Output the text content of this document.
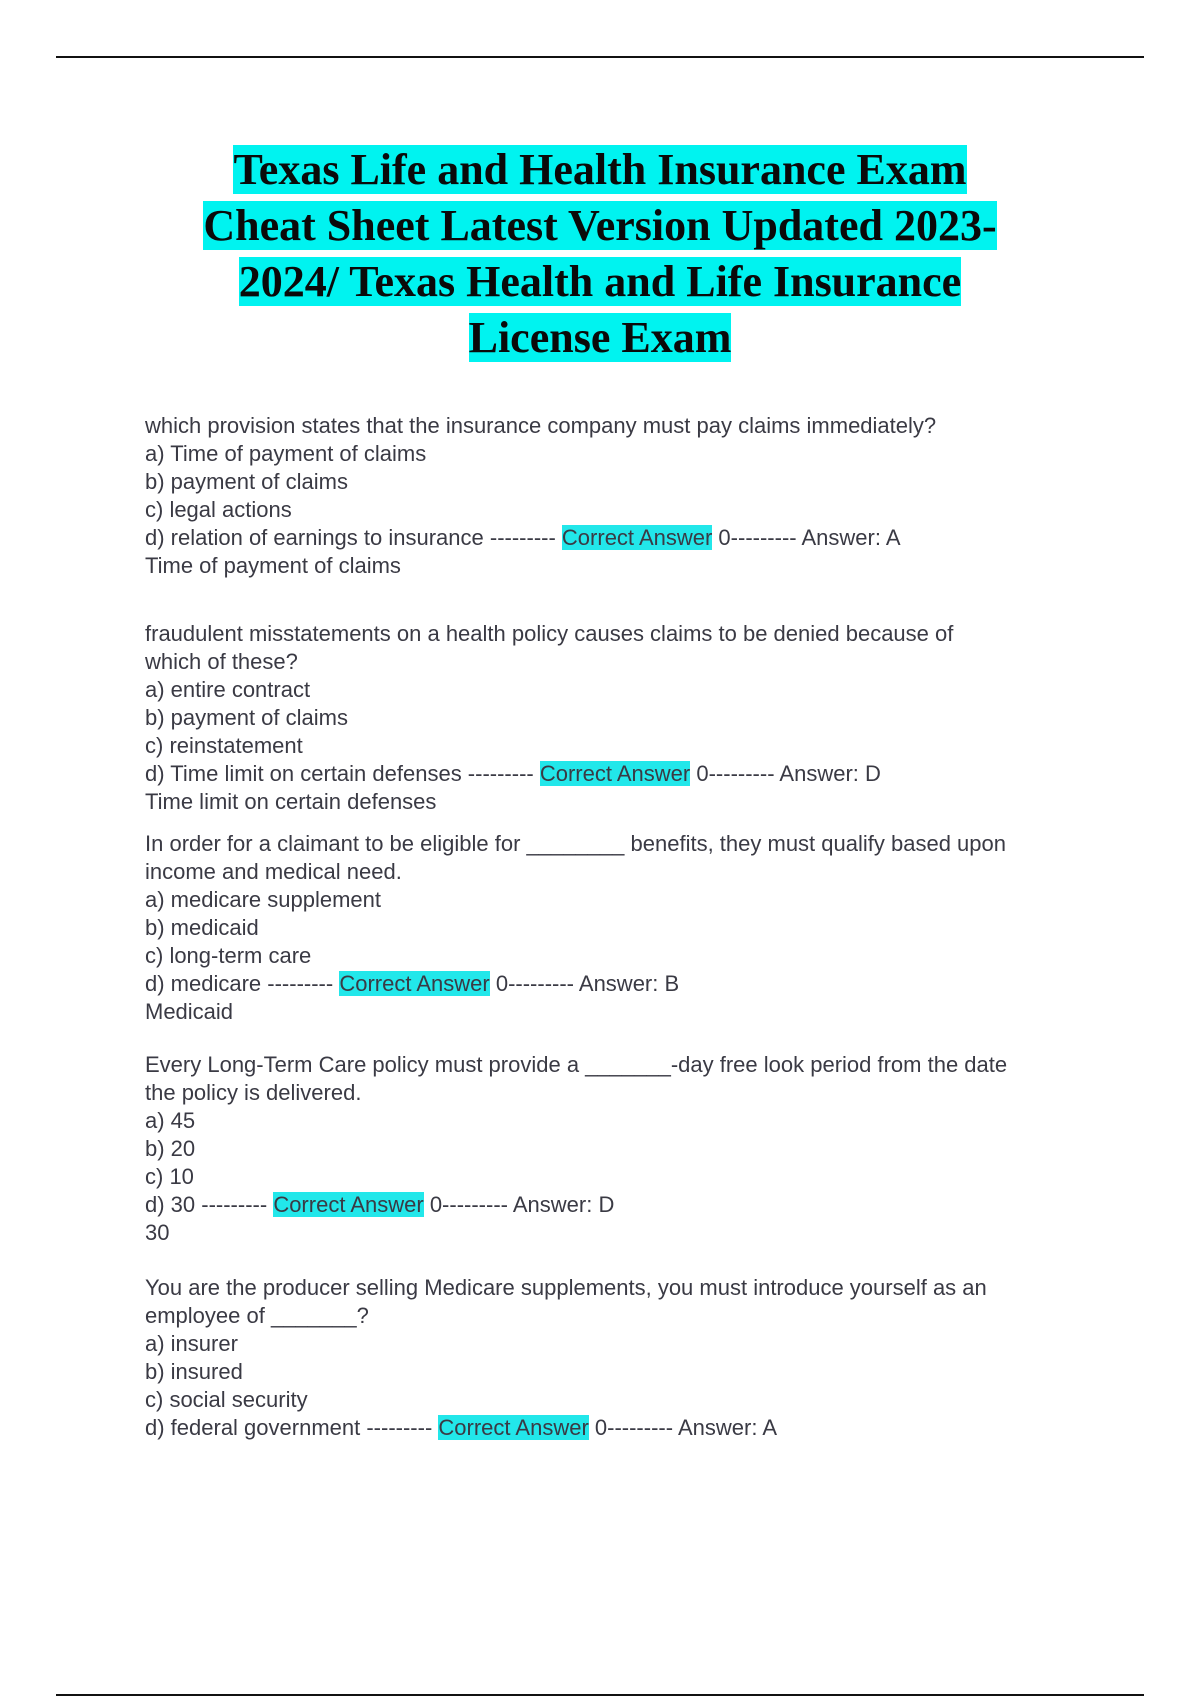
Texas Life and Health Insurance Exam
Cheat Sheet Latest Version Updated 2023-
2024/ Texas Health and Life Insurance
License Exam
which provision states that the insurance company must pay claims immediately?
a) Time of payment of claims
b) payment of claims
c) legal actions
d) relation of earnings to insurance --------- Correct Answer 0--------- Answer: A
Time of payment of claims
fraudulent misstatements on a health policy causes claims to be denied because of
which of these?
a) entire contract
b) payment of claims
c) reinstatement
d) Time limit on certain defenses --------- Correct Answer 0--------- Answer: D
Time limit on certain defenses
In order for a claimant to be eligible for ________ benefits, they must qualify based upon
income and medical need.
a) medicare supplement
b) medicaid
c) long-term care
d) medicare --------- Correct Answer 0--------- Answer: B
Medicaid
Every Long-Term Care policy must provide a _______-day free look period from the date
the policy is delivered.
a) 45
b) 20
c) 10
d) 30 --------- Correct Answer 0--------- Answer: D
30
You are the producer selling Medicare supplements, you must introduce yourself as an
employee of _______?
a) insurer
b) insured
c) social security
d) federal government --------- Correct Answer 0--------- Answer: A
